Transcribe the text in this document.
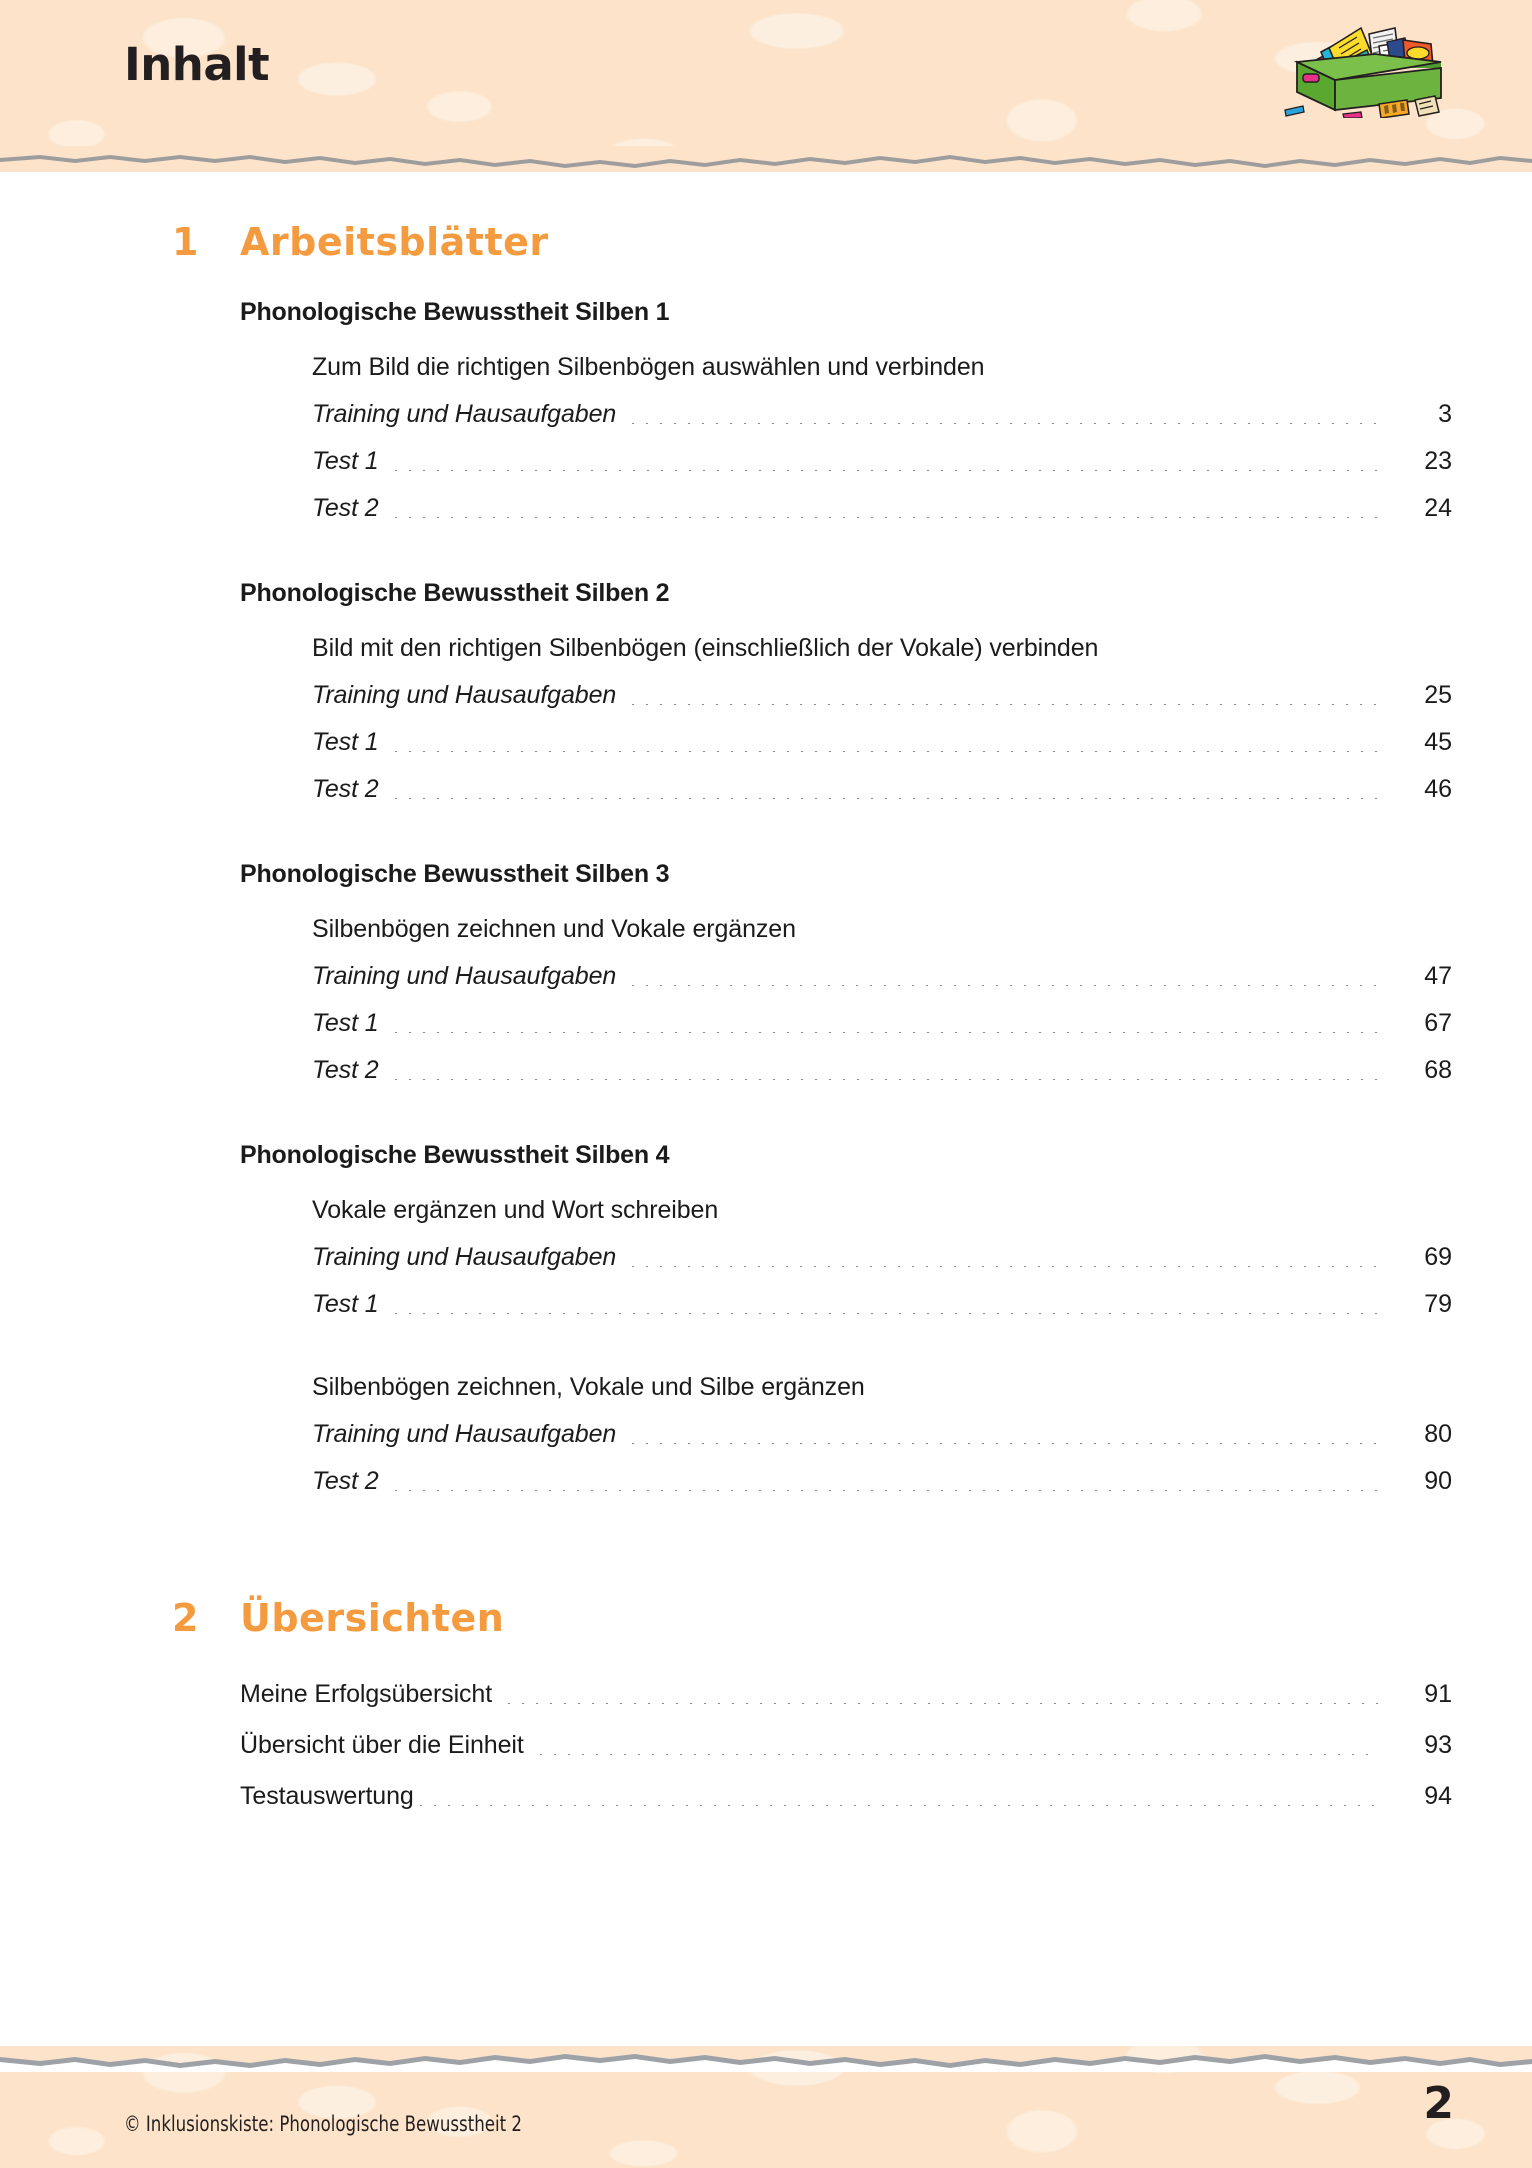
Inhalt
1	Arbeitsblätter
Phonologische Bewusstheit Silben 1
Zum Bild die richtigen Silbenbögen auswählen und verbinden
Training und Hausaufgaben	3
Test 1	23
Test 2	24
Phonologische Bewusstheit Silben 2
Bild mit den richtigen Silbenbögen (einschließlich der Vokale) verbinden
Training und Hausaufgaben	25
Test 1	45
Test 2	46
Phonologische Bewusstheit Silben 3
Silbenbögen zeichnen und Vokale ergänzen
Training und Hausaufgaben	47
Test 1	67
Test 2	68
Phonologische Bewusstheit Silben 4
Vokale ergänzen und Wort schreiben
Training und Hausaufgaben	69
Test 1	79
Silbenbögen zeichnen, Vokale und Silbe ergänzen
Training und Hausaufgaben	80
Test 2	90
2	Übersichten
Meine Erfolgsübersicht	91
Übersicht über die Einheit	93
Testauswertung	94
© Inklusionskiste: Phonologische Bewusstheit 2	2
